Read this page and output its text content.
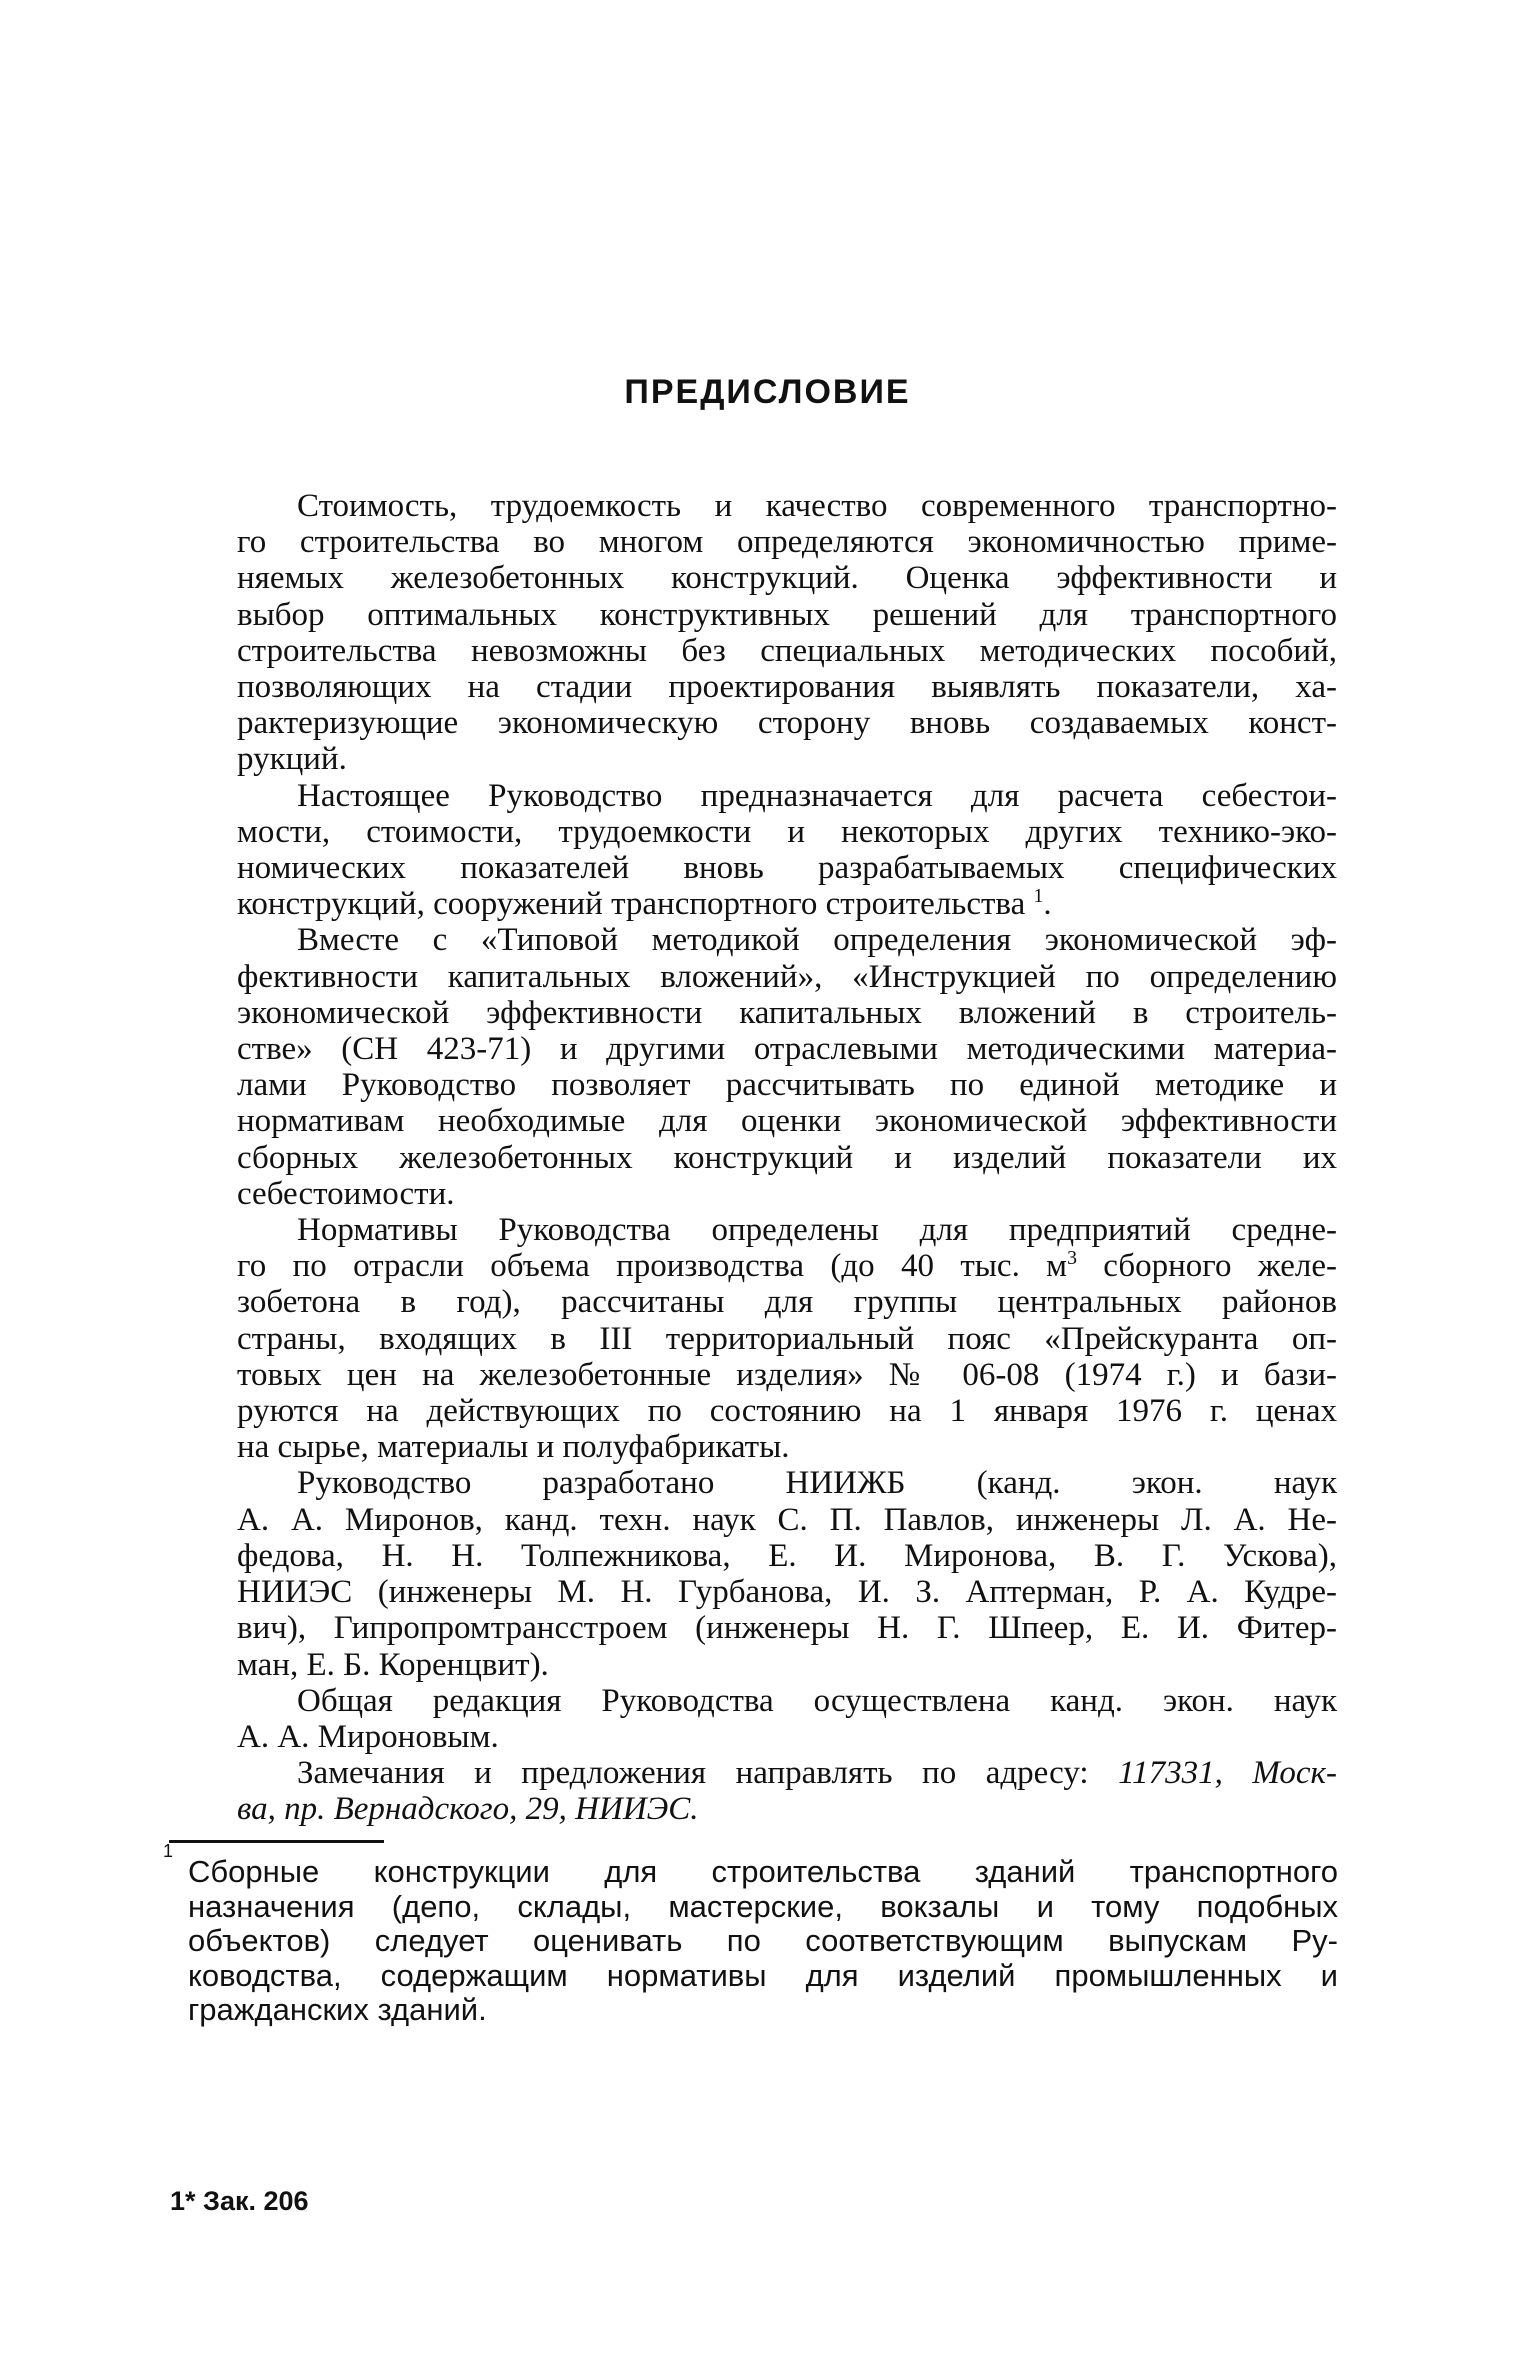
ПРЕДИСЛОВИЕ
Стоимость, трудоемкость и качество современного транспортно-
го строительства во многом определяются экономичностью приме-
няемых железобетонных конструкций. Оценка эффективности и
выбор оптимальных конструктивных решений для транспортного
строительства невозможны без специальных методических пособий,
позволяющих на стадии проектирования выявлять показатели, ха-
рактеризующие экономическую сторону вновь создаваемых конст-
рукций.
Настоящее Руководство предназначается для расчета себестои-
мости, стоимости, трудоемкости и некоторых других технико-эко-
номических показателей вновь разрабатываемых специфических
конструкций, сооружений транспортного строительства $^1$.
Вместе с «Типовой методикой определения экономической эф-
фективности капитальных вложений», «Инструкцией по определению
экономической эффективности капитальных вложений в строитель-
стве» (СН 423-71) и другими отраслевыми методическими материа-
лами Руководство позволяет рассчитывать по единой методике и
нормативам необходимые для оценки экономической эффективности
сборных железобетонных конструкций и изделий показатели их
себестоимости.
Нормативы Руководства определены для предприятий средне-
го по отрасли объема производства (до 40 тыс. $м^3$ сборного желе-
зобетона в год), рассчитаны для группы центральных районов
страны, входящих в III территориальный пояс «Прейскуранта оп-
товых цен на железобетонные изделия» № 06-08 (1974 г.) и бази-
руются на действующих по состоянию на 1 января 1976 г. ценах
на сырье, материалы и полуфабрикаты.
Руководство разработано НИИЖБ (канд. экон. наук
А. А. Миронов, канд. техн. наук С. П. Павлов, инженеры Л. А. Не-
федова, Н. Н. Толпежникова, Е. И. Миронова, В. Г. Ускова),
НИИЭС (инженеры М. Н. Гурбанова, И. З. Аптерман, Р. А. Кудре-
вич), Гипропромтрансстроем (инженеры Н. Г. Шпеер, Е. И. Фитер-
ман, Е. Б. Коренцвит).
Общая редакция Руководства осуществлена канд. экон. наук
А. А. Мироновым.
Замечания и предложения направлять по адресу: 117331, Моск-
ва, пр. Вернадского, 29, НИИЭС.
1
Сборные конструкции для строительства зданий транспортного
назначения (депо, склады, мастерские, вокзалы и тому подобных
объектов) следует оценивать по соответствующим выпускам Ру-
ководства, содержащим нормативы для изделий промышленных и
гражданских зданий.
1* Зак. 206
